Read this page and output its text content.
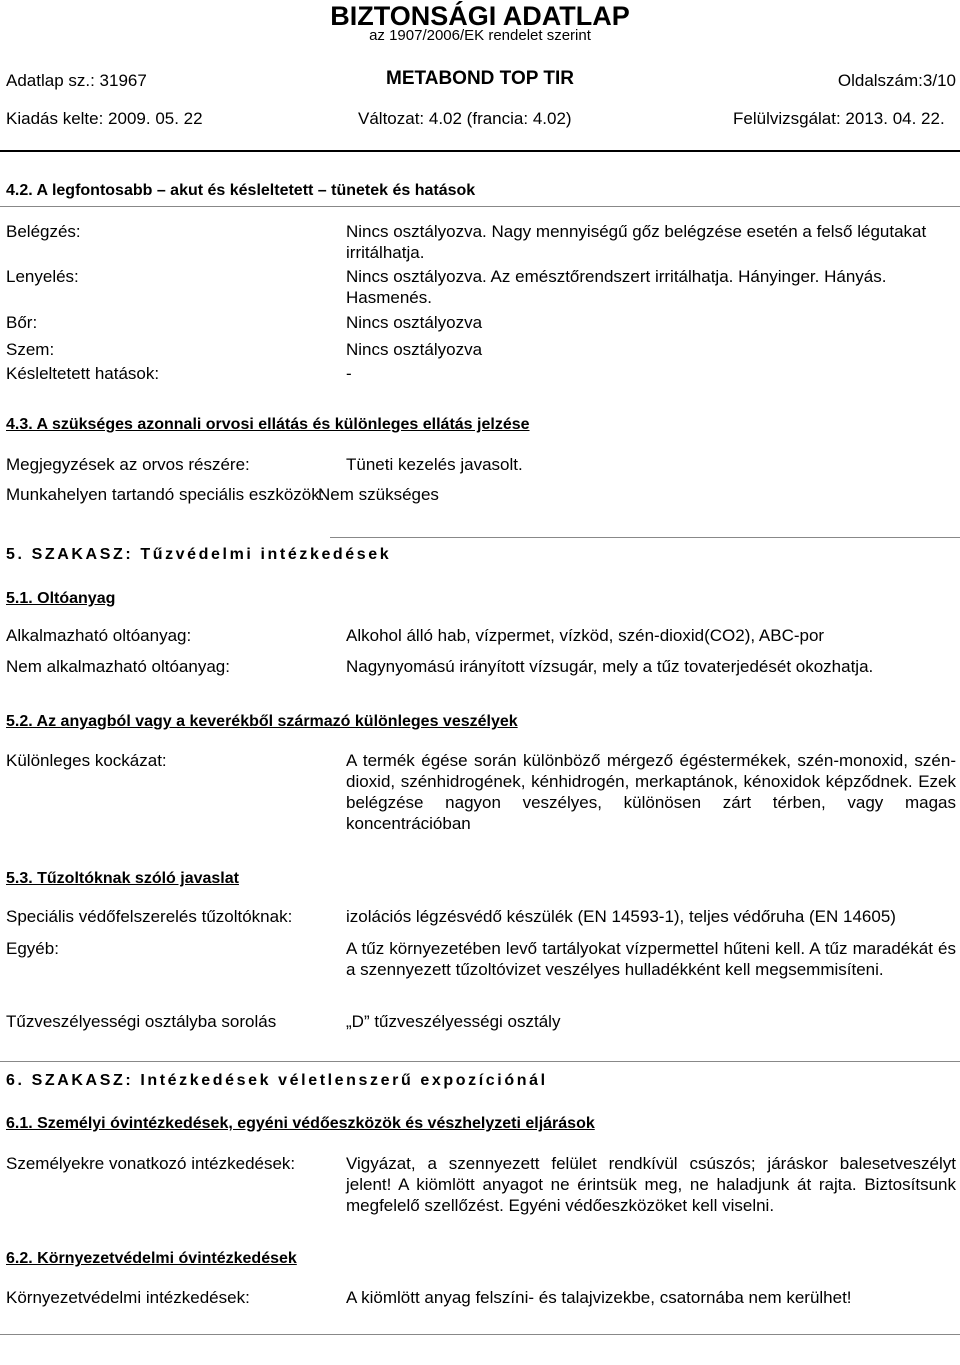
BIZTONSÁGI ADATLAP
az 1907/2006/EK rendelet szerint
Adatlap sz.: 31967	METABOND TOP TIR	Oldalszám:3/10
Kiadás kelte: 2009. 05. 22	Változat: 4.02 (francia: 4.02)	Felülvizsgálat: 2013. 04. 22.
4.2. A legfontosabb – akut és késleltetett – tünetek és hatások
Belégzés:	Nincs osztályozva. Nagy mennyiségű gőz belégzése esetén a felső légutakat irritálhatja.
Lenyelés:	Nincs osztályozva. Az emésztőrendszert irritálhatja. Hányinger. Hányás. Hasmenés.
Bőr:	Nincs osztályozva
Szem:	Nincs osztályozva
Késleltetett hatások:	-
4.3. A szükséges azonnali orvosi ellátás és különleges ellátás jelzése
Megjegyzések az orvos részére:	Tüneti kezelés javasolt.
Munkahelyen tartandó speciális eszközök:
Nem szükséges
5. SZAKASZ: Tűzvédelmi intézkedések
5.1. Oltóanyag
Alkalmazható oltóanyag:	Alkohol álló hab, vízpermet, vízköd, szén-dioxid(CO2), ABC-por
Nem alkalmazható oltóanyag:	Nagynyomású irányított vízsugár, mely a tűz tovaterjedését okozhatja.
5.2. Az anyagból vagy a keverékből származó különleges veszélyek
Különleges kockázat:	A termék égése során különböző mérgező égéstermékek, szén-monoxid, szén-dioxid, szénhidrogének, kénhidrogén, merkaptánok, kénoxidok képződnek. Ezek belégzése nagyon veszélyes, különösen zárt térben, vagy magas koncentrációban
5.3. Tűzoltóknak szóló javaslat
Speciális védőfelszerelés tűzoltóknak:	izolációs légzésvédő készülék (EN 14593-1), teljes védőruha (EN 14605)
Egyéb:	A tűz környezetében levő tartályokat vízpermettel hűteni kell. A tűz maradékát és a szennyezett tűzoltóvizet veszélyes hulladékként kell megsemmisíteni.
Tűzveszélyességi osztályba sorolás	„D” tűzveszélyességi osztály
6. SZAKASZ: Intézkedések véletlenszerű expozíciónál
6.1. Személyi óvintézkedések, egyéni védőeszközök és vészhelyzeti eljárások
Személyekre vonatkozó intézkedések:	Vigyázat, a szennyezett felület rendkívül csúszós; járáskor balesetveszélyt jelent! A kiömlött anyagot ne érintsük meg, ne haladjunk át rajta. Biztosítsunk megfelelő szellőzést. Egyéni védőeszközöket kell viselni.
6.2. Környezetvédelmi óvintézkedések
Környezetvédelmi intézkedések:	A kiömlött anyag felszíni- és talajvizekbe, csatornába nem kerülhet!
